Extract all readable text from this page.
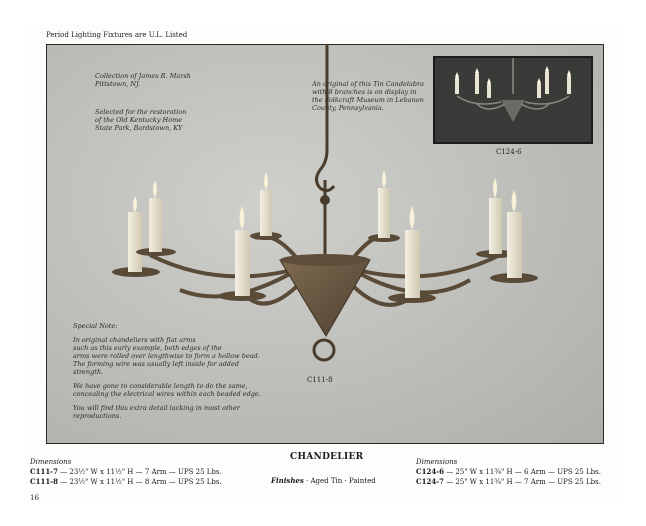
Period Lighting Fixtures are U.L. Listed
C124-6
Collection of James R. Marsh
Pittstown, NJ.
Selected for the restoration
of the Old Kentucky Home
State Park, Bardstown, KY
An original of this Tin Candelabra
with 8 branches is on display in
the Folkcraft Museum in Lebanon
County, Pennsylvania.
Special Note:
In original chandeliers with flat arms
such as this early example, both edges of the
arms were rolled over lengthwise to form a hollow bead.
The forming wire was usually left inside for added
strength.
We have gone to considerable length to do the same,
concealing the electrical wires within each beaded edge.
You will find this extra detail lacking in most other
reproductions.
C111-8
CHANDELIER
Dimensions
C111-7 — 23½" W x 11½" H — 7 Arm — UPS 25 Lbs.
C111-8 — 23½" W x 11½" H — 8 Arm — UPS 25 Lbs.	Finishes · Aged Tin · Painted
Dimensions
C124-6 — 25" W x 11¾" H — 6 Arm — UPS 25 Lbs.
C124-7 — 25" W x 11¾" H — 7 Arm — UPS 25 Lbs.
16
